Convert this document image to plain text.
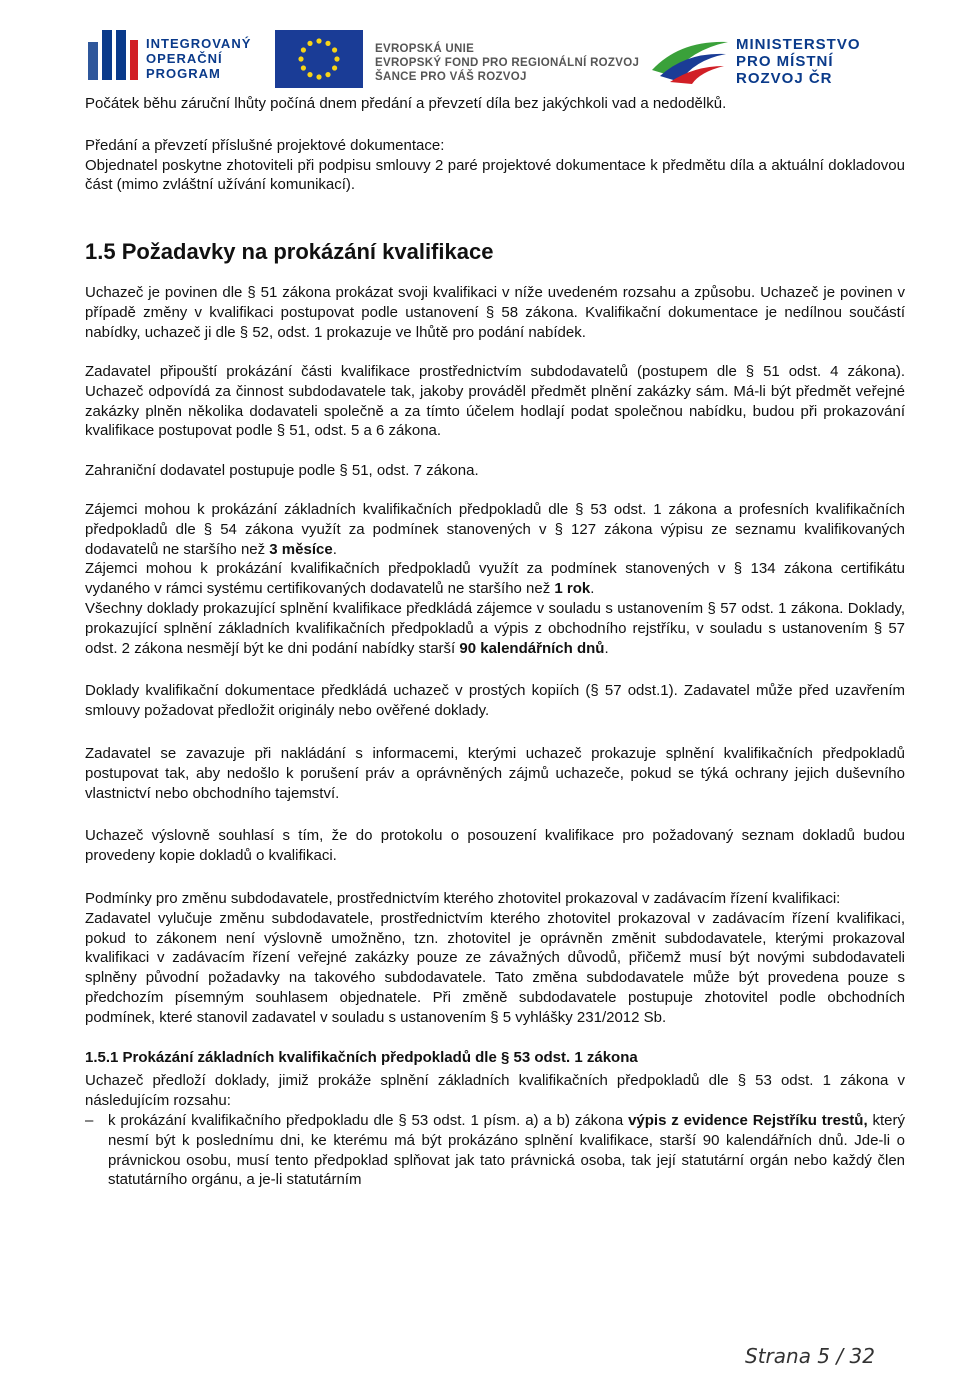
INTEGROVANÝ
OPERAČNÍ
PROGRAM
EVROPSKÁ UNIE
EVROPSKÝ FOND PRO REGIONÁLNÍ ROZVOJ
ŠANCE PRO VÁŠ ROZVOJ
MINISTERSTVO
PRO MÍSTNÍ
ROZVOJ ČR

Počátek běhu záruční lhůty počíná dnem předání a převzetí díla bez jakýchkoli vad a nedodělků.

Předání a převzetí příslušné projektové dokumentace:
Objednatel poskytne zhotoviteli při podpisu smlouvy 2 paré projektové dokumentace k předmětu díla a aktuální dokladovou část (mimo zvláštní užívání komunikací).

1.5 Požadavky na prokázání kvalifikace

Uchazeč je povinen dle § 51 zákona prokázat svoji kvalifikaci v níže uvedeném rozsahu a způsobu. Uchazeč je povinen v případě změny v kvalifikaci postupovat podle ustanovení § 58 zákona. Kvalifikační dokumentace je nedílnou součástí nabídky, uchazeč ji dle § 52, odst. 1 prokazuje ve lhůtě pro podání nabídek.

Zadavatel připouští prokázání části kvalifikace prostřednictvím subdodavatelů (postupem dle § 51 odst. 4 zákona). Uchazeč odpovídá za činnost subdodavatele tak, jakoby prováděl předmět plnění zakázky sám. Má-li být předmět veřejné zakázky plněn několika dodavateli společně a za tímto účelem hodlají podat společnou nabídku, budou při prokazování kvalifikace postupovat podle § 51, odst. 5 a 6 zákona.

Zahraniční dodavatel postupuje podle § 51, odst. 7 zákona.

Zájemci mohou k prokázání základních kvalifikačních předpokladů dle § 53 odst. 1 zákona a profesních kvalifikačních předpokladů dle § 54 zákona využít za podmínek stanovených v § 127 zákona výpisu ze seznamu kvalifikovaných dodavatelů ne staršího než 3 měsíce.

Zájemci mohou k prokázání kvalifikačních předpokladů využít za podmínek stanovených v § 134 zákona certifikátu vydaného v rámci systému certifikovaných dodavatelů ne staršího než 1 rok.

Všechny doklady prokazující splnění kvalifikace předkládá zájemce v souladu s ustanovením § 57 odst. 1 zákona. Doklady, prokazující splnění základních kvalifikačních předpokladů a výpis z obchodního rejstříku, v souladu s ustanovením § 57 odst. 2 zákona nesmějí být ke dni podání nabídky starší 90 kalendářních dnů.

Doklady kvalifikační dokumentace předkládá uchazeč v prostých kopiích (§ 57 odst.1). Zadavatel může před uzavřením smlouvy požadovat předložit originály nebo ověřené doklady.

Zadavatel se zavazuje při nakládání s informacemi, kterými uchazeč prokazuje splnění kvalifikačních předpokladů postupovat tak, aby nedošlo k porušení práv a oprávněných zájmů uchazeče, pokud se týká ochrany jejich duševního vlastnictví nebo obchodního tajemství.

Uchazeč výslovně souhlasí s tím, že do protokolu o posouzení kvalifikace pro požadovaný seznam dokladů budou provedeny kopie dokladů o kvalifikaci.

Podmínky pro změnu subdodavatele, prostřednictvím kterého zhotovitel prokazoval v zadávacím řízení kvalifikaci:

Zadavatel vylučuje změnu subdodavatele, prostřednictvím kterého zhotovitel prokazoval v zadávacím řízení kvalifikaci, pokud to zákonem není výslovně umožněno, tzn. zhotovitel je oprávněn změnit subdodavatele, kterými prokazoval kvalifikaci v zadávacím řízení veřejné zakázky pouze ze závažných důvodů, přičemž musí být novými subdodavateli splněny původní požadavky na takového subdodavatele. Tato změna subdodavatele může být provedena pouze s předchozím písemným souhlasem objednatele. Při změně subdodavatele postupuje zhotovitel podle obchodních podmínek, které stanovil zadavatel v souladu s ustanovením § 5 vyhlášky 231/2012 Sb.

1.5.1 Prokázání základních kvalifikačních předpokladů dle § 53 odst. 1 zákona

Uchazeč předloží doklady, jimiž prokáže splnění základních kvalifikačních předpokladů dle § 53 odst. 1 zákona v následujícím rozsahu:

– k prokázání kvalifikačního předpokladu dle § 53 odst. 1 písm. a) a b) zákona výpis z evidence Rejstříku trestů, který nesmí být k poslednímu dni, ke kterému má být prokázáno splnění kvalifikace, starší 90 kalendářních dnů. Jde-li o právnickou osobu, musí tento předpoklad splňovat jak tato právnická osoba, tak její statutární orgán nebo každý člen statutárního orgánu, a je-li statutárním
Strana 5 / 32
